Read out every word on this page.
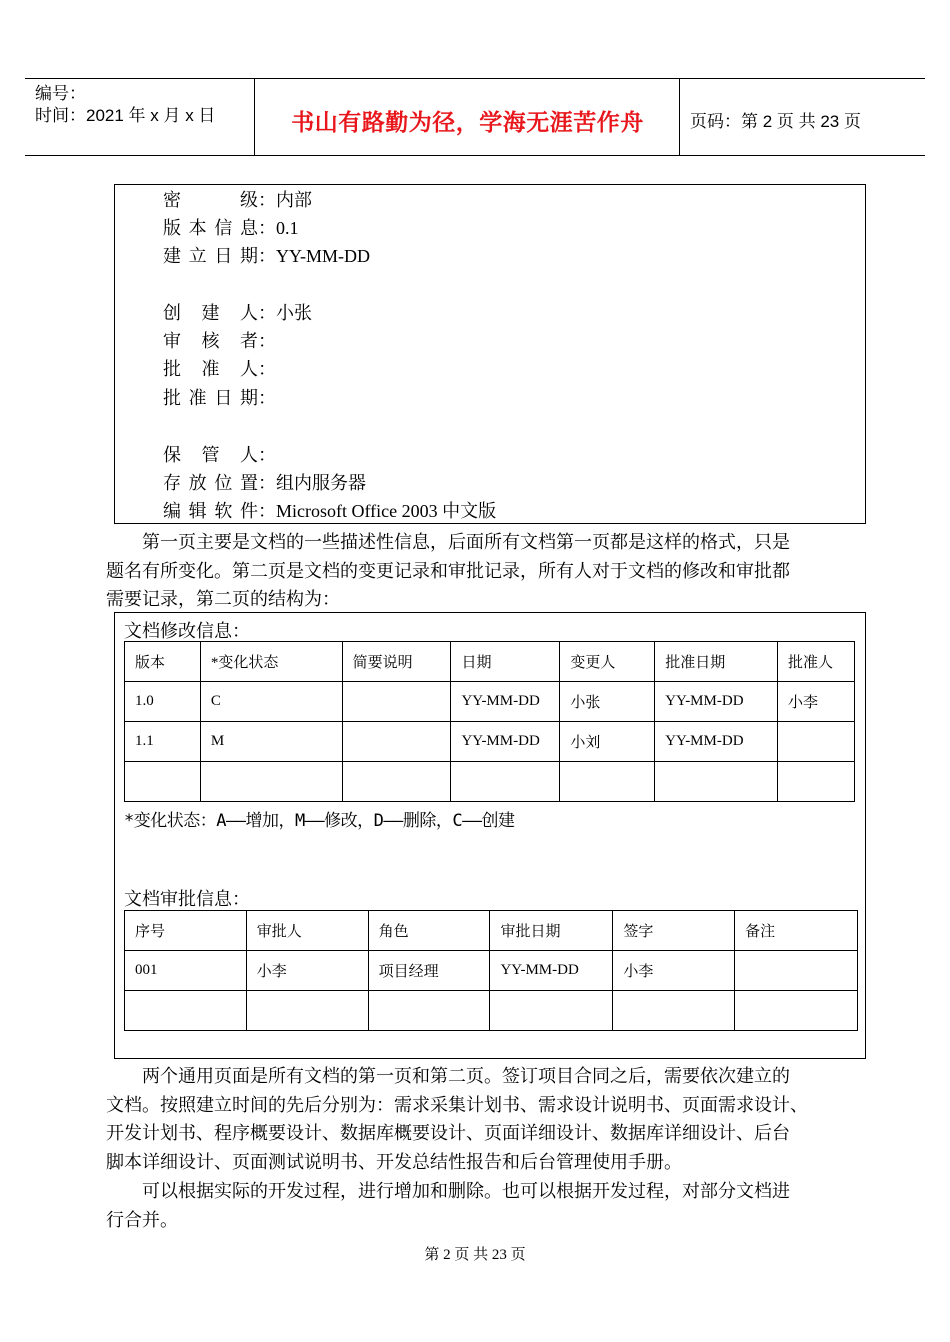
编号：
时间：2021 年 x 月 x 日	书山有路勤为径，学海无涯苦作舟	页码：第 2 页 共 23 页
密级：内部
版本信息：0.1
建立日期：YY-MM-DD
创建人：小张
审核者：
批准人：
批准日期：
保管人：
存放位置：组内服务器
编辑软件：Microsoft Office 2003 中文版
第一页主要是文档的一些描述性信息，后面所有文档第一页都是这样的格式，只是
题名有所变化。第二页是文档的变更记录和审批记录，所有人对于文档的修改和审批都
需要记录，第二页的结构为：
文档修改信息：
版本	*变化状态	简要说明	日期	变更人	批准日期	批准人
1.0	C		YY-MM-DD	小张	YY-MM-DD	小李
1.1	M		YY-MM-DD	小刘	YY-MM-DD	

*变化状态：A——增加，M——修改，D——删除，C——创建
文档审批信息：
序号	审批人	角色	审批日期	签字	备注
001	小李	项目经理	YY-MM-DD	小李	

两个通用页面是所有文档的第一页和第二页。签订项目合同之后，需要依次建立的
文档。按照建立时间的先后分别为：需求采集计划书、需求设计说明书、页面需求设计、
开发计划书、程序概要设计、数据库概要设计、页面详细设计、数据库详细设计、后台
脚本详细设计、页面测试说明书、开发总结性报告和后台管理使用手册。
可以根据实际的开发过程，进行增加和删除。也可以根据开发过程，对部分文档进
行合并。
第 2 页 共 23 页
